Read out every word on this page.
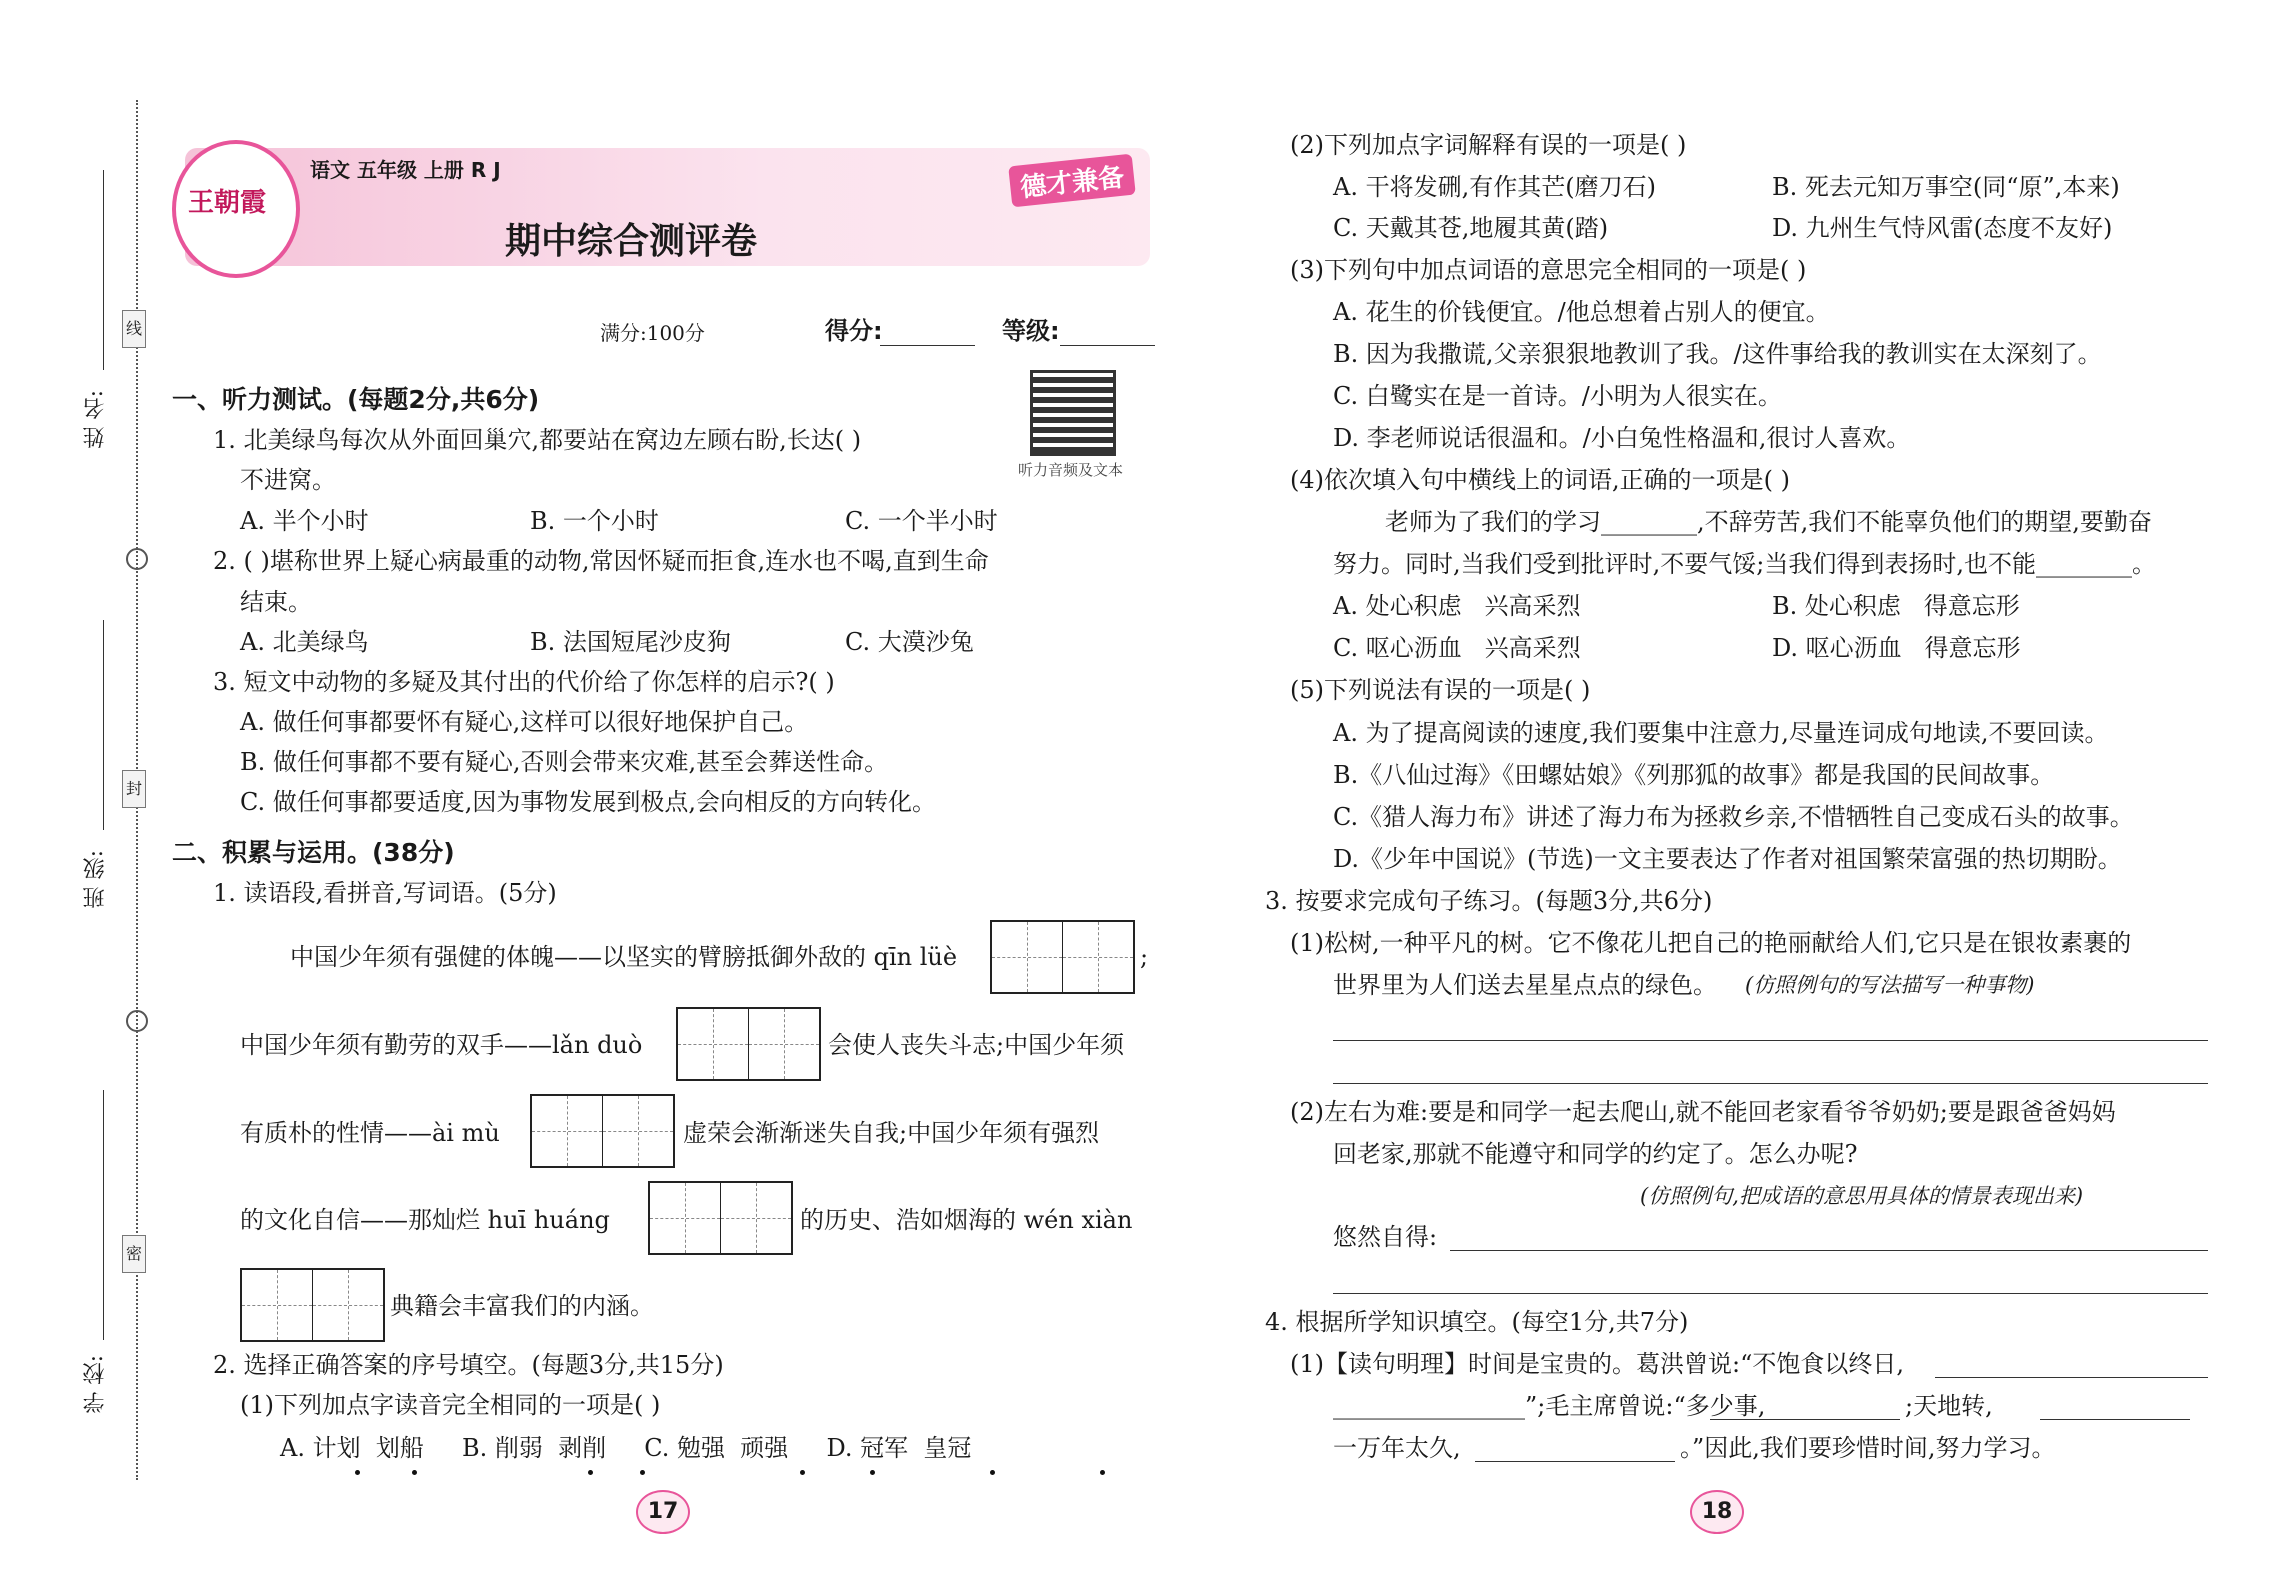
姓 名:
班 级:
学 校:
线
封
密
王朝霞
语文 五年级 上册 R J
期中综合测评卷
德才兼备
满分:100分	得分:	等级:
听力音频及文本
一、听力测试。(每题2分,共6分)
1. 北美绿鸟每次从外面回巢穴,都要站在窝边左顾右盼,长达( )
不进窝。
A. 半个小时	B. 一个小时	C. 一个半小时
2. ( )堪称世界上疑心病最重的动物,常因怀疑而拒食,连水也不喝,直到生命
结束。
A. 北美绿鸟	B. 法国短尾沙皮狗	C. 大漠沙兔
3. 短文中动物的多疑及其付出的代价给了你怎样的启示?( )
A. 做任何事都要怀有疑心,这样可以很好地保护自己。
B. 做任何事都不要有疑心,否则会带来灾难,甚至会葬送性命。
C. 做任何事都要适度,因为事物发展到极点,会向相反的方向转化。
二、积累与运用。(38分)
1. 读语段,看拼音,写词语。(5分)
中国少年须有强健的体魄——以坚实的臂膀抵御外敌的 qīn lüè	;
中国少年须有勤劳的双手——lǎn duò	会使人丧失斗志;中国少年须
有质朴的性情——ài mù	虚荣会渐渐迷失自我;中国少年须有强烈
的文化自信——那灿烂 huī huáng	的历史、浩如烟海的 wén xiàn
典籍会丰富我们的内涵。
2. 选择正确答案的序号填空。(每题3分,共15分)
(1)下列加点字读音完全相同的一项是( )
A. 计划  划船     B. 削弱  剥削     C. 勉强  顽强     D. 冠军  皇冠
17
(2)下列加点字词解释有误的一项是( )
A. 干将发硎,有作其芒(磨刀石)	B. 死去元知万事空(同“原”,本来)
C. 天戴其苍,地履其黄(踏)	D. 九州生气恃风雷(态度不友好)
(3)下列句中加点词语的意思完全相同的一项是( )
A. 花生的价钱便宜。/他总想着占别人的便宜。
B. 因为我撒谎,父亲狠狠地教训了我。/这件事给我的教训实在太深刻了。
C. 白鹭实在是一首诗。/小明为人很实在。
D. 李老师说话很温和。/小白兔性格温和,很讨人喜欢。
(4)依次填入句中横线上的词语,正确的一项是( )
老师为了我们的学习________,不辞劳苦,我们不能辜负他们的期望,要勤奋
努力。同时,当我们受到批评时,不要气馁;当我们得到表扬时,也不能________。
A. 处心积虑   兴高采烈	B. 处心积虑   得意忘形
C. 呕心沥血   兴高采烈	D. 呕心沥血   得意忘形
(5)下列说法有误的一项是( )
A. 为了提高阅读的速度,我们要集中注意力,尽量连词成句地读,不要回读。
B.《八仙过海》《田螺姑娘》《列那狐的故事》都是我国的民间故事。
C.《猎人海力布》讲述了海力布为拯救乡亲,不惜牺牲自己变成石头的故事。
D.《少年中国说》(节选)一文主要表达了作者对祖国繁荣富强的热切期盼。
3. 按要求完成句子练习。(每题3分,共6分)
(1)松树,一种平凡的树。它不像花儿把自己的艳丽献给人们,它只是在银妆素裹的
世界里为人们送去星星点点的绿色。 (仿照例句的写法描写一种事物)
(2)左右为难:要是和同学一起去爬山,就不能回老家看爷爷奶奶;要是跟爸爸妈妈
回老家,那就不能遵守和同学的约定了。怎么办呢?
(仿照例句,把成语的意思用具体的情景表现出来)
悠然自得:
4. 根据所学知识填空。(每空1分,共7分)
(1)【读句明理】时间是宝贵的。葛洪曾说:“不饱食以终日,
________________”;毛主席曾说:“多少事,	;天地转,
一万年太久,	。”因此,我们要珍惜时间,努力学习。
18
